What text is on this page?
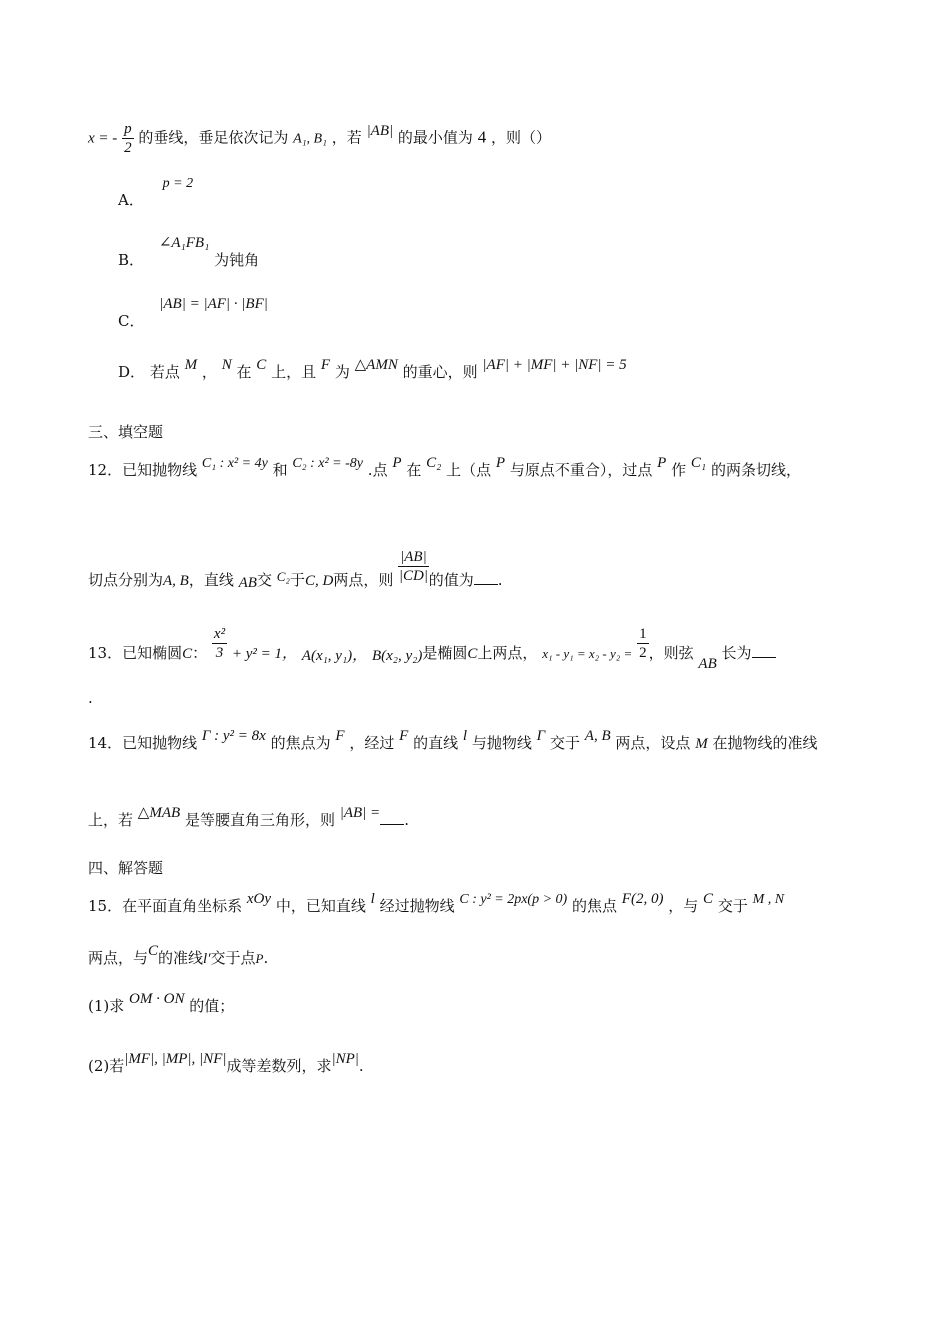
x = - $\frac{p}{2}$ 的垂线，垂足依次记为 A₁, B₁ ，若 |AB| 的最小值为 4 ，则（）
A． p = 2
B． ∠A₁FB₁ 为钝角
C． |AB| = |AF| · |BF|
D． 若点 M ， N 在 C 上，且 F 为 △AMN 的重心，则 |AF| + |MF| + |NF| = 5
三、填空题
12．已知抛物线 C₁ : x² = 4y 和 C₂ : x² = -8y .点 P 在 C₂ 上（点 P 与原点不重合），过点 P 作 C₁ 的两条切线，
切点分别为A, B，直线 AB交 C₂于C, D两点，则 $\frac{|AB|}{|CD|}$ 的值为 .
13．已知椭圆C： $\frac{\text{x²}}{3} + y^2 = 1$， A(x₁, y₁)， B(x₂, y₂)是椭圆C上两点， $x_1 - y_1 = x_2 - y_2 = \frac{1}{2}$ ，则弦 AB 长为
.
14．已知抛物线 Γ : y² = 8x 的焦点为 F ，经过 F 的直线 l 与抛物线 Γ 交于 A, B 两点，设点 M 在抛物线的准线
上，若 △MAB 是等腰直角三角形，则 |AB| = .
四、解答题
15．在平面直角坐标系 xOy 中，已知直线 l 经过抛物线 C : y² = 2px(p > 0) 的焦点 F(2, 0) ，与 C 交于 M , N
两点，与C的准线l′交于点P.
(1)求 OM · ON 的值；
(2)若|MF|, |MP|, |NF|成等差数列，求|NP|.
